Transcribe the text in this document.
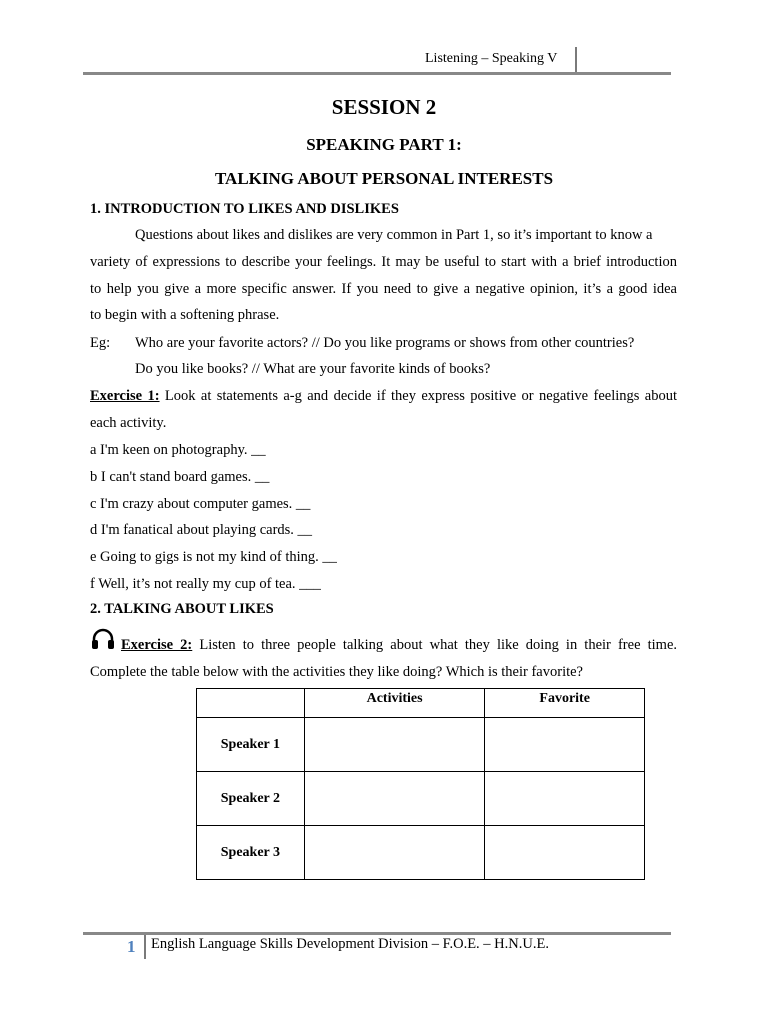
Listening – Speaking V
SESSION 2
SPEAKING PART 1:
TALKING ABOUT PERSONAL INTERESTS
1. INTRODUCTION TO LIKES AND DISLIKES
Questions about likes and dislikes are very common in Part 1, so it’s important to know a
variety of expressions to describe your feelings. It may be useful to start with a brief introduction
to help you give a more specific answer. If you need to give a negative opinion, it’s a good idea
to begin with a softening phrase.
Eg: Who are your favorite actors? // Do you like programs or shows from other countries?
Do you like books? // What are your favorite kinds of books?
Exercise 1: Look at statements a-g and decide if they express positive or negative feelings about
each activity.
a I'm keen on photography. __
b I can't stand board games. __
c I'm crazy about computer games. __
d I'm fanatical about playing cards. __
e Going to gigs is not my kind of thing. __
f Well, it’s not really my cup of tea. ___
2. TALKING ABOUT LIKES
Exercise 2: Listen to three people talking about what they like doing in their free time.
Complete the table below with the activities they like doing? Which is their favorite?
	Activities	Favorite
Speaker 1		
Speaker 2		
Speaker 3		
1 English Language Skills Development Division – F.O.E. – H.N.U.E.
